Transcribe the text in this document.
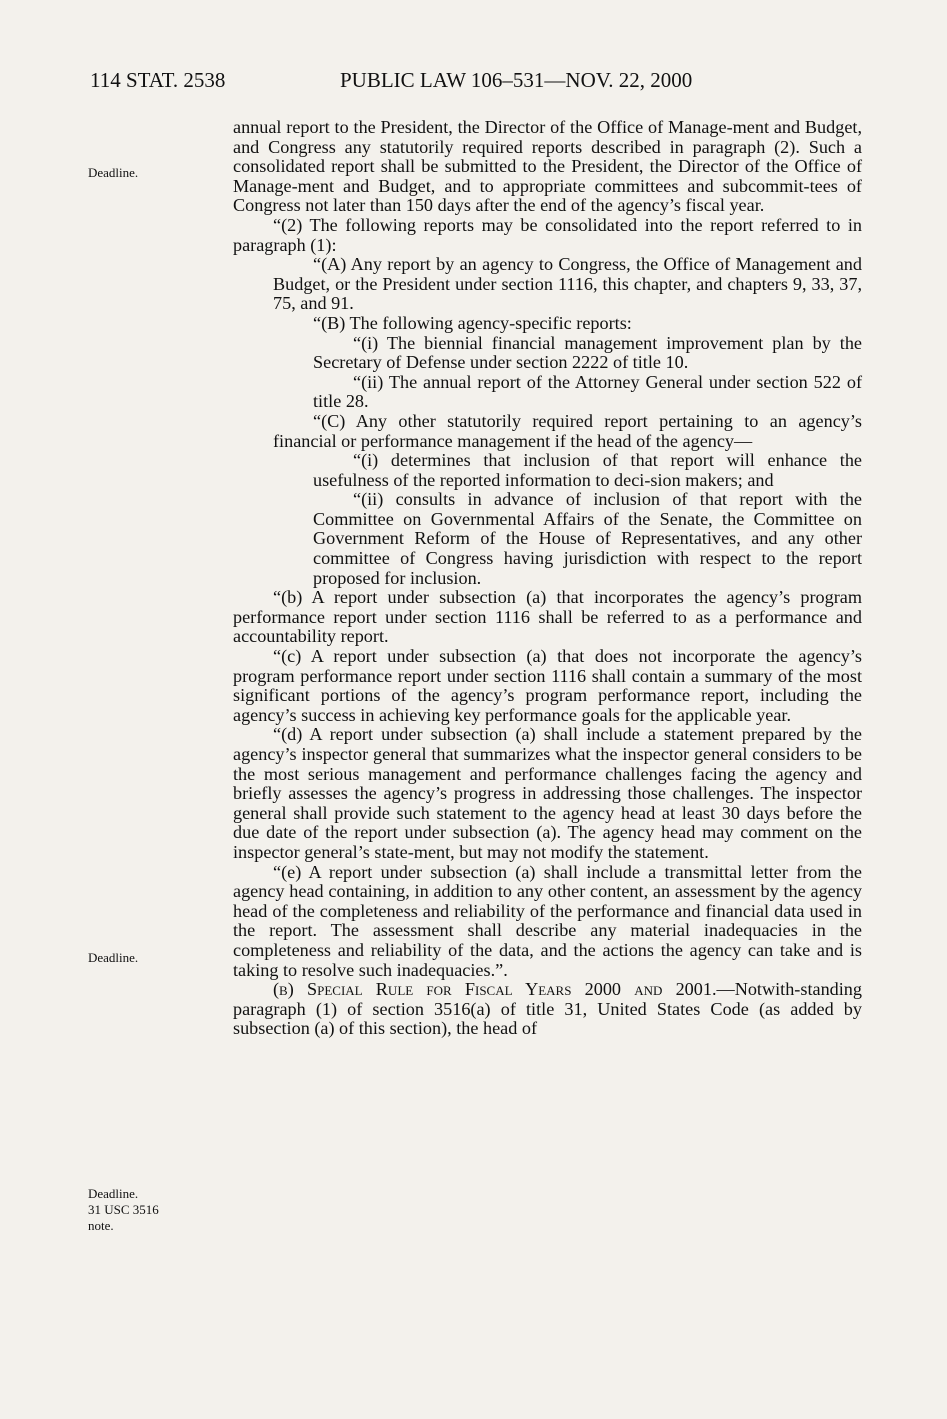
114 STAT. 2538	PUBLIC LAW 106–531—NOV. 22, 2000
Deadline.
Deadline.
Deadline.
31 USC 3516
note.

annual report to the President, the Director of the Office of Manage-ment and Budget, and Congress any statutorily required reports described in paragraph (2). Such a consolidated report shall be submitted to the President, the Director of the Office of Manage-ment and Budget, and to appropriate committees and subcommit-tees of Congress not later than 150 days after the end of the agency’s fiscal year.

“(2) The following reports may be consolidated into the report referred to in paragraph (1):

“(A) Any report by an agency to Congress, the Office of Management and Budget, or the President under section 1116, this chapter, and chapters 9, 33, 37, 75, and 91.

“(B) The following agency-specific reports:

“(i) The biennial financial management improvement plan by the Secretary of Defense under section 2222 of title 10.

“(ii) The annual report of the Attorney General under section 522 of title 28.

“(C) Any other statutorily required report pertaining to an agency’s financial or performance management if the head of the agency—

“(i) determines that inclusion of that report will enhance the usefulness of the reported information to deci-sion makers; and

“(ii) consults in advance of inclusion of that report with the Committee on Governmental Affairs of the Senate, the Committee on Government Reform of the House of Representatives, and any other committee of Congress having jurisdiction with respect to the report proposed for inclusion.

“(b) A report under subsection (a) that incorporates the agency’s program performance report under section 1116 shall be referred to as a performance and accountability report.

“(c) A report under subsection (a) that does not incorporate the agency’s program performance report under section 1116 shall contain a summary of the most significant portions of the agency’s program performance report, including the agency’s success in achieving key performance goals for the applicable year.

“(d) A report under subsection (a) shall include a statement prepared by the agency’s inspector general that summarizes what the inspector general considers to be the most serious management and performance challenges facing the agency and briefly assesses the agency’s progress in addressing those challenges. The inspector general shall provide such statement to the agency head at least 30 days before the due date of the report under subsection (a). The agency head may comment on the inspector general’s state-ment, but may not modify the statement.

“(e) A report under subsection (a) shall include a transmittal letter from the agency head containing, in addition to any other content, an assessment by the agency head of the completeness and reliability of the performance and financial data used in the report. The assessment shall describe any material inadequacies in the completeness and reliability of the data, and the actions the agency can take and is taking to resolve such inadequacies.”.

(b) Special Rule for Fiscal Years 2000 and 2001.—Notwith-standing paragraph (1) of section 3516(a) of title 31, United States Code (as added by subsection (a) of this section), the head of
